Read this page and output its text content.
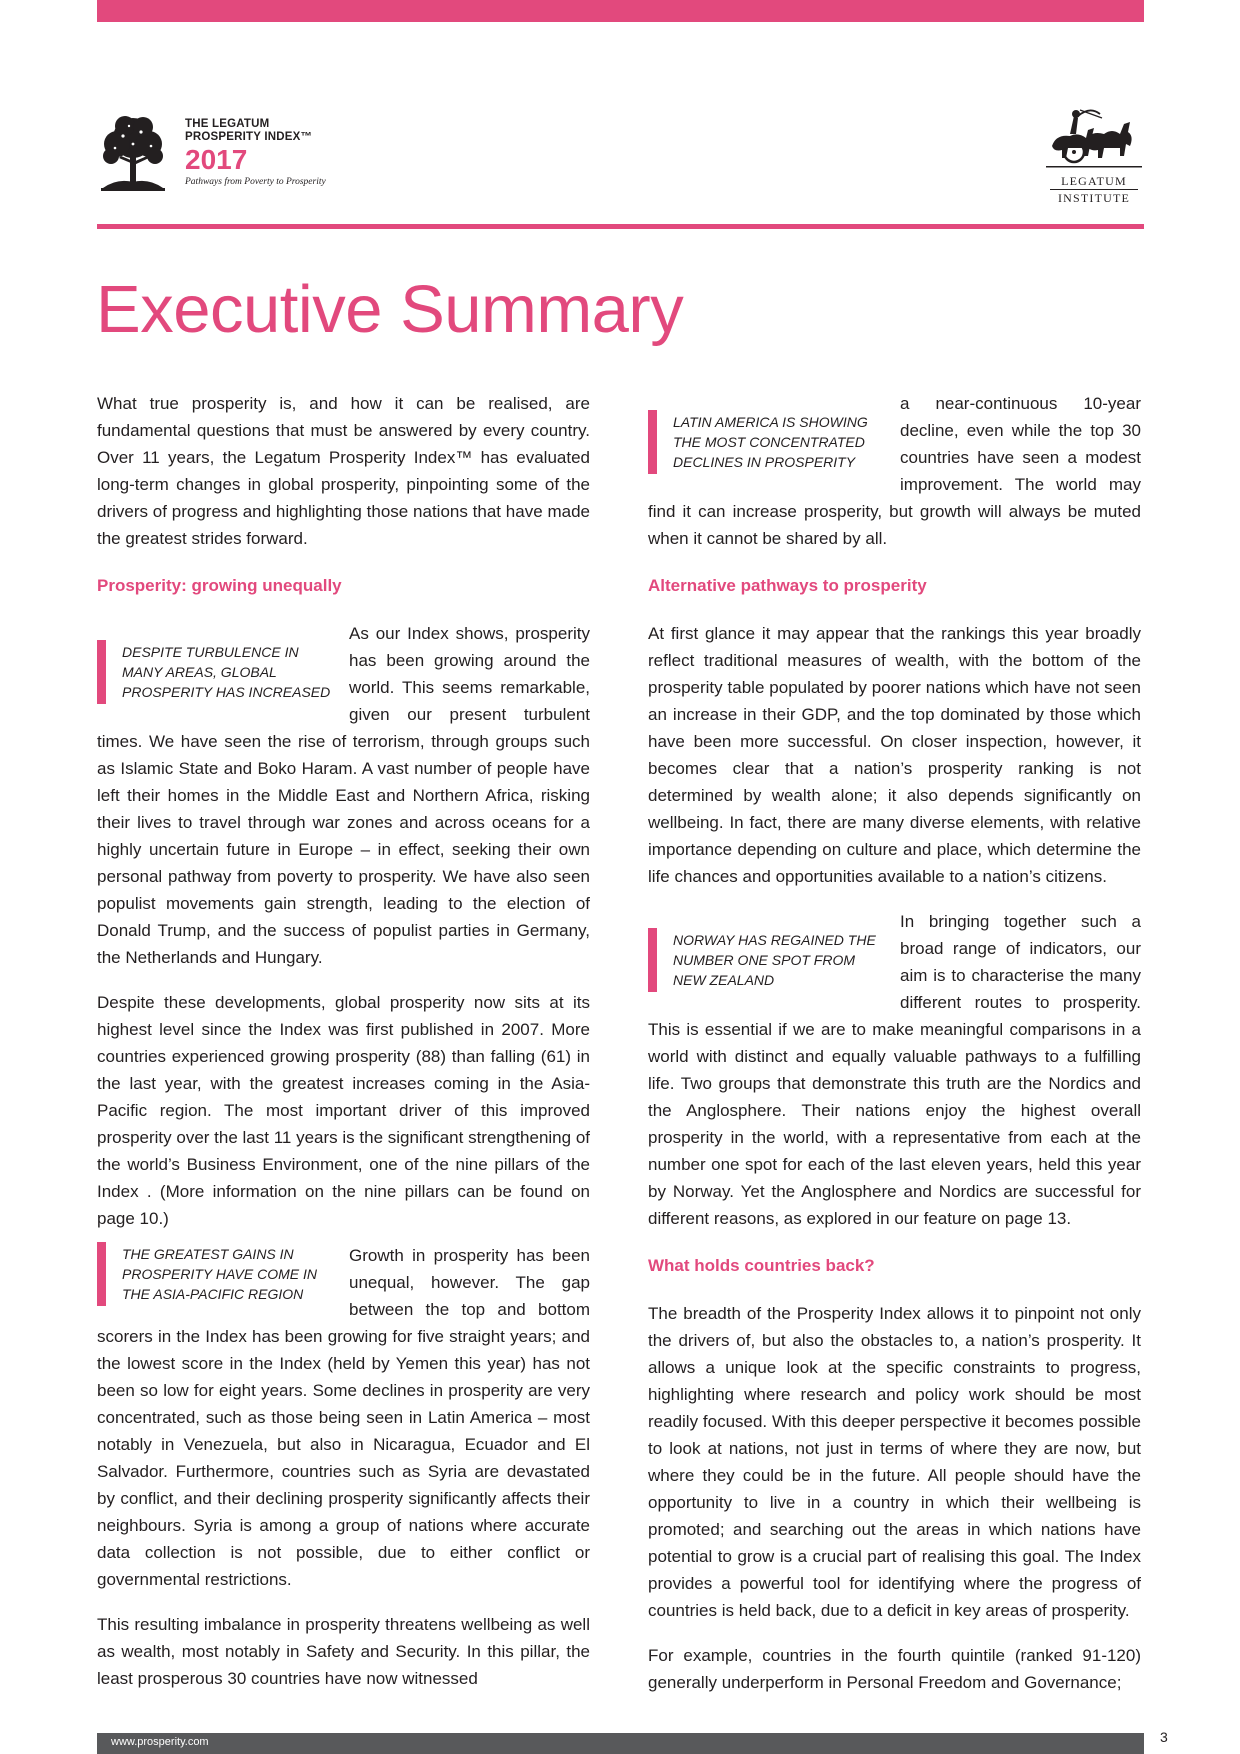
THE LEGATUM
PROSPERITY INDEX™
2017
Pathways from Poverty to Prosperity	LEGATUM
INSTITUTE
Executive Summary

What true prosperity is, and how it can be realised, are fundamental questions that must be answered by every country. Over 11 years, the Legatum Prosperity Index™ has evaluated long-term changes in global prosperity, pinpointing some of the drivers of progress and highlighting those nations that have made the greatest strides forward.

Prosperity: growing unequally
DESPITE TURBULENCE IN MANY AREAS, GLOBAL PROSPERITY HAS INCREASED

As our Index shows, prosperity has been growing around the world. This seems remarkable, given our present turbulent times. We have seen the rise of terrorism, through groups such as Islamic State and Boko Haram. A vast number of people have left their homes in the Middle East and Northern Africa, risking their lives to travel through war zones and across oceans for a highly uncertain future in Europe – in effect, seeking their own personal pathway from poverty to prosperity. We have also seen populist movements gain strength, leading to the election of Donald Trump, and the success of populist parties in Germany, the Netherlands and Hungary.

Despite these developments, global prosperity now sits at its highest level since the Index was first published in 2007. More countries experienced growing prosperity (88) than falling (61) in the last year, with the greatest increases coming in the Asia-Pacific region. The most important driver of this improved prosperity over the last 11 years is the significant strengthening of the world’s Business Environment, one of the nine pillars of the Index . (More information on the nine pillars can be found on page 10.)

THE GREATEST GAINS IN PROSPERITY HAVE COME IN THE ASIA-PACIFIC REGION

Growth in prosperity has been unequal, however. The gap between the top and bottom scorers in the Index has been growing for five straight years; and the lowest score in the Index (held by Yemen this year) has not been so low for eight years. Some declines in prosperity are very concentrated, such as those being seen in Latin America – most notably in Venezuela, but also in Nicaragua, Ecuador and El Salvador. Furthermore, countries such as Syria are devastated by conflict, and their declining prosperity significantly affects their neighbours. Syria is among a group of nations where accurate data collection is not possible, due to either conflict or governmental restrictions.

This resulting imbalance in prosperity threatens wellbeing as well as wealth, most notably in Safety and Security. In this pillar, the least prosperous 30 countries have now witnessed

LATIN AMERICA IS SHOWING THE MOST CONCENTRATED DECLINES IN PROSPERITY

a near-continuous 10-year decline, even while the top 30 countries have seen a modest improvement. The world may find it can increase prosperity, but growth will always be muted when it cannot be shared by all.

Alternative pathways to prosperity

At first glance it may appear that the rankings this year broadly reflect traditional measures of wealth, with the bottom of the prosperity table populated by poorer nations which have not seen an increase in their GDP, and the top dominated by those which have been more successful. On closer inspection, however, it becomes clear that a nation’s prosperity ranking is not determined by wealth alone; it also depends significantly on wellbeing. In fact, there are many diverse elements, with relative importance depending on culture and place, which determine the life chances and opportunities available to a nation’s citizens.

NORWAY HAS REGAINED THE NUMBER ONE SPOT FROM NEW ZEALAND

In bringing together such a broad range of indicators, our aim is to characterise the many different routes to prosperity. This is essential if we are to make meaningful comparisons in a world with distinct and equally valuable pathways to a fulfilling life. Two groups that demonstrate this truth are the Nordics and the Anglosphere. Their nations enjoy the highest overall prosperity in the world, with a representative from each at the number one spot for each of the last eleven years, held this year by Norway. Yet the Anglosphere and Nordics are successful for different reasons, as explored in our feature on page 13.

What holds countries back?

The breadth of the Prosperity Index allows it to pinpoint not only the drivers of, but also the obstacles to, a nation’s prosperity. It allows a unique look at the specific constraints to progress, highlighting where research and policy work should be most readily focused. With this deeper perspective it becomes possible to look at nations, not just in terms of where they are now, but where they could be in the future. All people should have the opportunity to live in a country in which their wellbeing is promoted; and searching out the areas in which nations have potential to grow is a crucial part of realising this goal. The Index provides a powerful tool for identifying where the progress of countries is held back, due to a deficit in key areas of prosperity.

For example, countries in the fourth quintile (ranked 91-120) generally underperform in Personal Freedom and Governance;

www.prosperity.com	3
